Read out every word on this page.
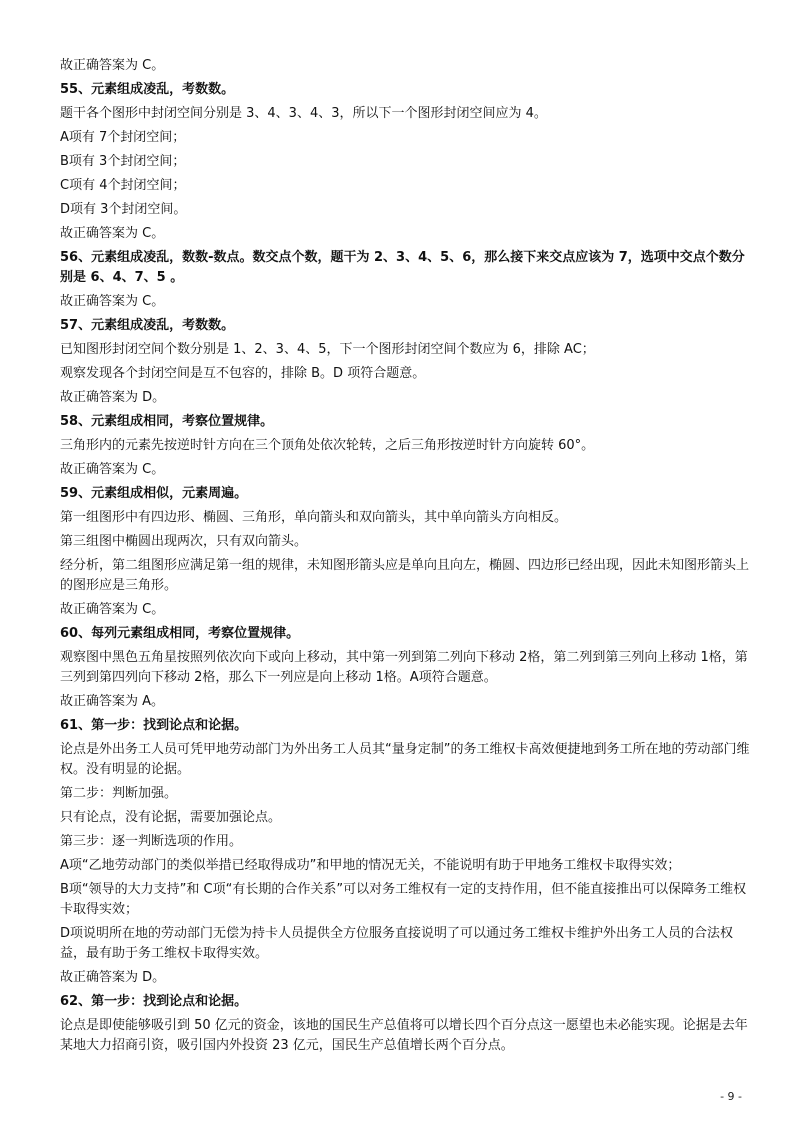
故正确答案为 C。

55、元素组成凌乱，考数数。

题干各个图形中封闭空间分别是 3、4、3、4、3，所以下一个图形封闭空间应为 4。

A项有 7个封闭空间；

B项有 3个封闭空间；

C项有 4个封闭空间；

D项有 3个封闭空间。

故正确答案为 C。

56、元素组成凌乱，数数-数点。数交点个数，题干为 2、3、4、5、6，那么接下来交点应该为 7，选项中交点个数分别是 6、4、7、5 。

故正确答案为 C。

57、元素组成凌乱，考数数。

已知图形封闭空间个数分别是 1、2、3、4、5，下一个图形封闭空间个数应为 6，排除 AC；

观察发现各个封闭空间是互不包容的，排除 B。D 项符合题意。

故正确答案为 D。

58、元素组成相同，考察位置规律。

三角形内的元素先按逆时针方向在三个顶角处依次轮转，之后三角形按逆时针方向旋转 60°。

故正确答案为 C。

59、元素组成相似，元素周遍。

第一组图形中有四边形、椭圆、三角形，单向箭头和双向箭头，其中单向箭头方向相反。

第三组图中椭圆出现两次，只有双向箭头。

经分析，第二组图形应满足第一组的规律，未知图形箭头应是单向且向左，椭圆、四边形已经出现，因此未知图形箭头上的图形应是三角形。

故正确答案为 C。

60、每列元素组成相同，考察位置规律。

观察图中黑色五角星按照列依次向下或向上移动，其中第一列到第二列向下移动 2格，第二列到第三列向上移动 1格，第三列到第四列向下移动 2格，那么下一列应是向上移动 1格。A项符合题意。

故正确答案为 A。

61、第一步：找到论点和论据。

论点是外出务工人员可凭甲地劳动部门为外出务工人员其“量身定制”的务工维权卡高效便捷地到务工所在地的劳动部门维权。没有明显的论据。

第二步：判断加强。

只有论点，没有论据，需要加强论点。

第三步：逐一判断选项的作用。

A项“乙地劳动部门的类似举措已经取得成功”和甲地的情况无关，不能说明有助于甲地务工维权卡取得实效；

B项“领导的大力支持”和 C项“有长期的合作关系”可以对务工维权有一定的支持作用，但不能直接推出可以保障务工维权卡取得实效；

D项说明所在地的劳动部门无偿为持卡人员提供全方位服务直接说明了可以通过务工维权卡维护外出务工人员的合法权益，最有助于务工维权卡取得实效。

故正确答案为 D。

62、第一步：找到论点和论据。

论点是即使能够吸引到 50 亿元的资金，该地的国民生产总值将可以增长四个百分点这一愿望也未必能实现。论据是去年某地大力招商引资，吸引国内外投资 23 亿元，国民生产总值增长两个百分点。

- 9 -
